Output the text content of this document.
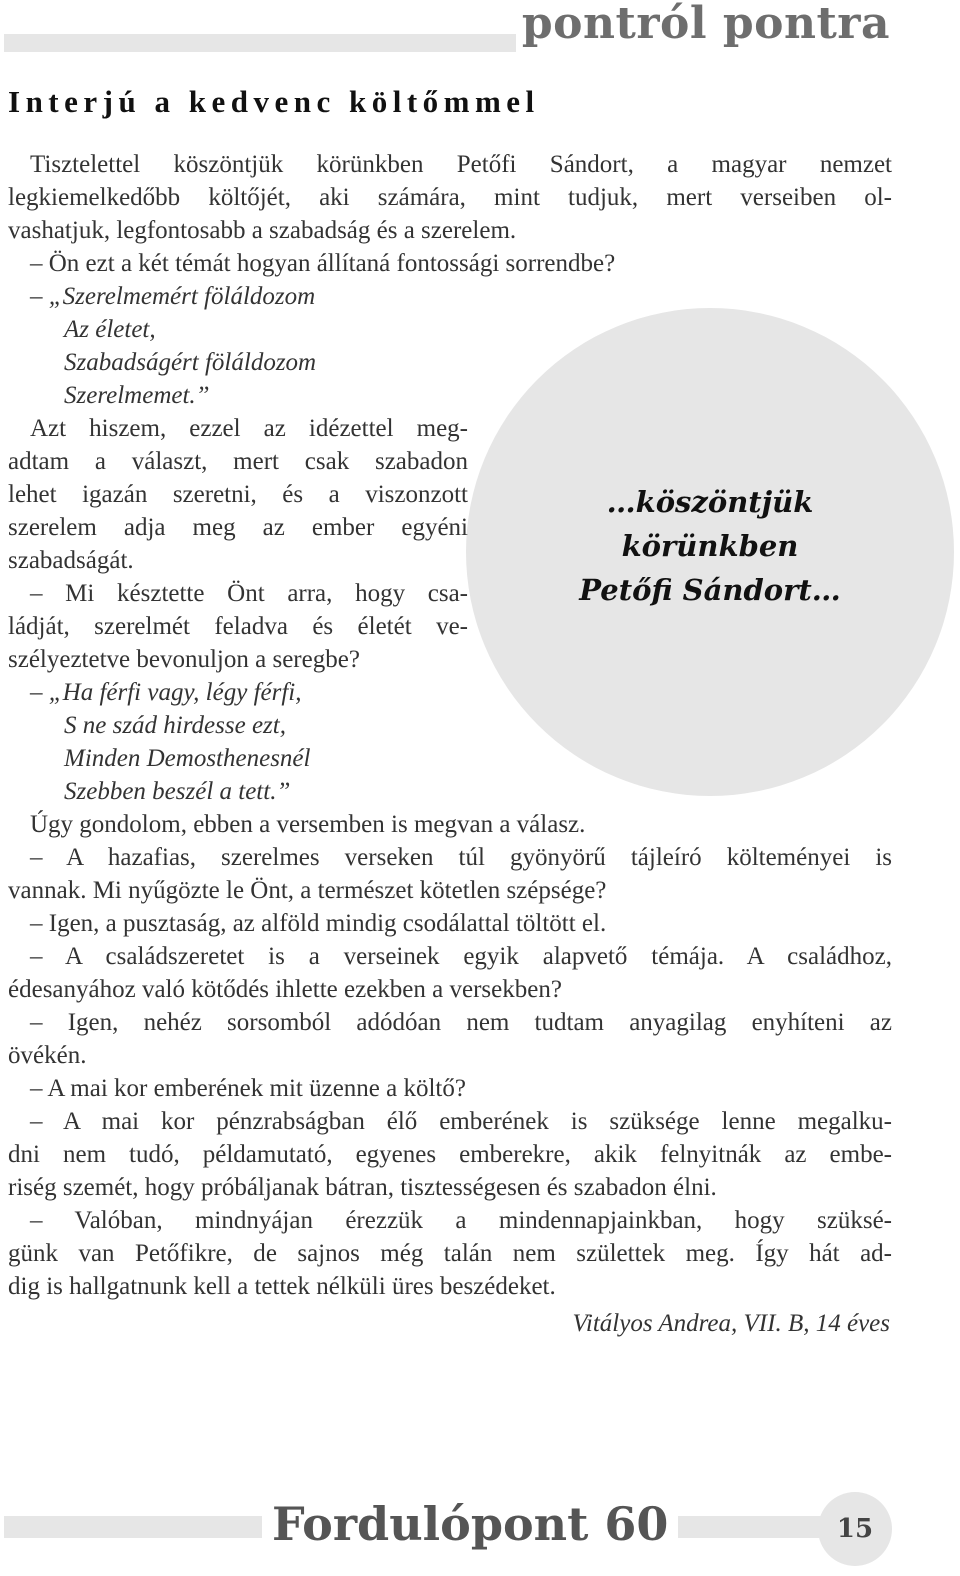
pontról pontra
Interjú a kedvenc költőmmel
…köszöntjük
körünkben
Petőfi Sándort…

Tisztelettel köszöntjük körünkben Petőfi Sándort, a magyar nemzet

legkiemelkedőbb költőjét, aki számára, mint tudjuk, mert verseiben ol-

vashatjuk, legfontosabb a szabadság és a szerelem.

– Ön ezt a két témát hogyan állítaná fontossági sorrendbe?

– „Szerelmemért föláldozom

Az életet,

Szabadságért föláldozom

Szerelmemet.”

Azt hiszem, ezzel az idézettel meg-

adtam a választ, mert csak szabadon

lehet igazán szeretni, és a viszonzott

szerelem adja meg az ember egyéni

szabadságát.

– Mi késztette Önt arra, hogy csa-

ládját, szerelmét feladva és életét ve-

szélyeztetve bevonuljon a seregbe?

– „Ha férfi vagy, légy férfi,

S ne szád hirdesse ezt,

Minden Demosthenesnél

Szebben beszél a tett.”

Úgy gondolom, ebben a versemben is megvan a válasz.

– A hazafias, szerelmes verseken túl gyönyörű tájleíró költeményei is

vannak. Mi nyűgözte le Önt, a természet kötetlen szépsége?

– Igen, a pusztaság, az alföld mindig csodálattal töltött el.

– A családszeretet is a verseinek egyik alapvető témája. A családhoz,

édesanyához való kötődés ihlette ezekben a versekben?

– Igen, nehéz sorsomból adódóan nem tudtam anyagilag enyhíteni az

övékén.

– A mai kor emberének mit üzenne a költő?

– A mai kor pénzrabságban élő emberének is szüksége lenne megalku-

dni nem tudó, példamutató, egyenes emberekre, akik felnyitnák az embe-

riség szemét, hogy próbáljanak bátran, tisztességesen és szabadon élni.

– Valóban, mindnyájan érezzük a mindennapjainkban, hogy szüksé-

günk van Petőfikre, de sajnos még talán nem születtek meg. Így hát ad-

dig is hallgatnunk kell a tettek nélküli üres beszédeket.

Vitályos Andrea, VII. B, 14 éves
Fordulópont 60	15
